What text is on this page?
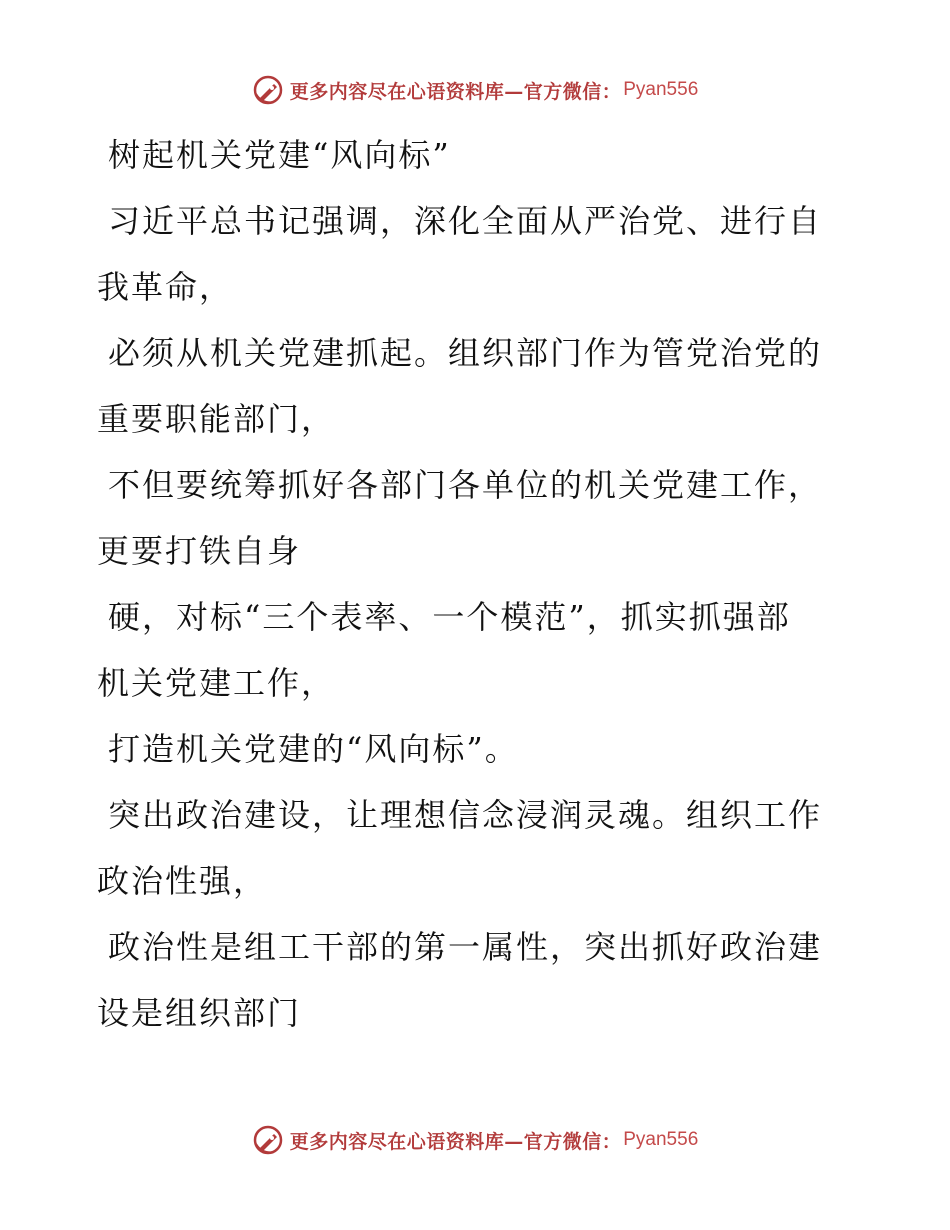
更多内容尽在心语资料库—官方微信： Pyan556
树起机关党建“风向标”
习近平总书记强调，深化全面从严治党、进行自
我革命，
必须从机关党建抓起。组织部门作为管党治党的
重要职能部门，
不但要统筹抓好各部门各单位的机关党建工作，
更要打铁自身
硬，对标“三个表率、一个模范”，抓实抓强部
机关党建工作，
打造机关党建的“风向标”。
突出政治建设，让理想信念浸润灵魂。组织工作
政治性强，
政治性是组工干部的第一属性，突出抓好政治建
设是组织部门
更多内容尽在心语资料库—官方微信： Pyan556
